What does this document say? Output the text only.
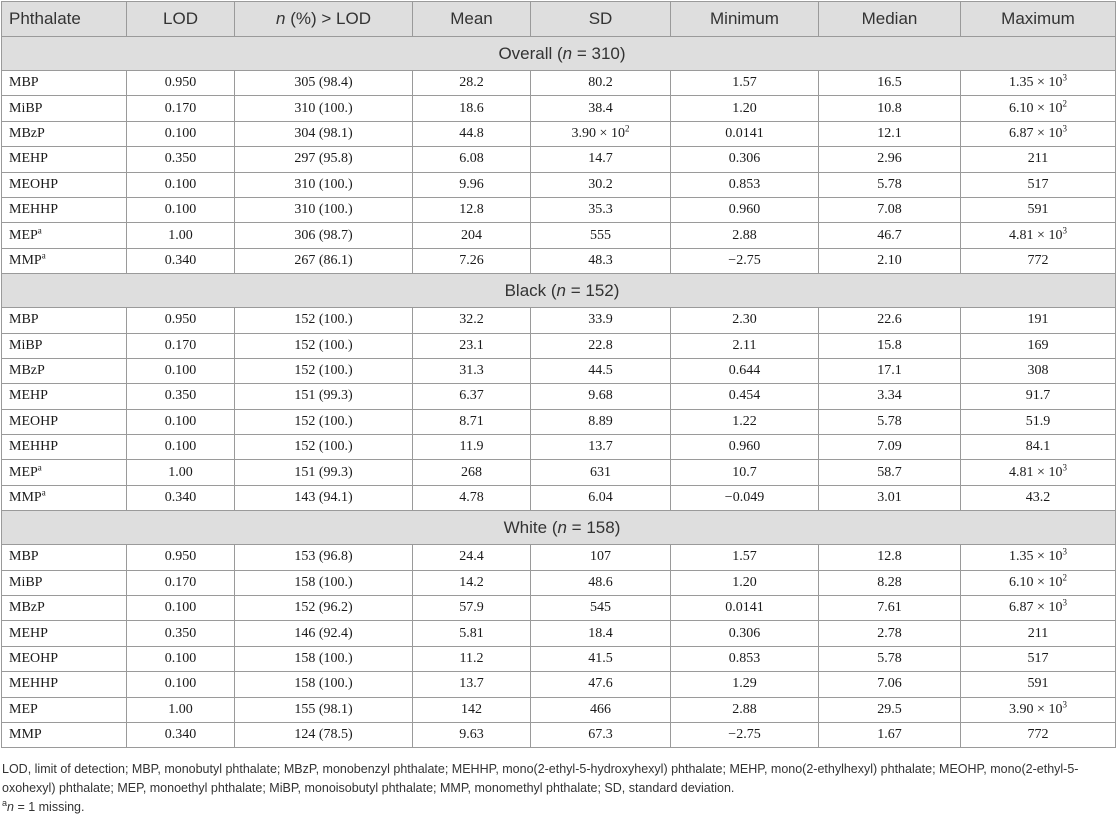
Phthalate	LOD	n (%) > LOD	Mean	SD	Minimum	Median	Maximum
Overall (n = 310)							
MBP	0.950	305 (98.4)	28.2	80.2	1.57	16.5	$1.35 \times 10^3$
MiBP	0.170	310 (100.)	18.6	38.4	1.20	10.8	$6.10 \times 10^2$
MBzP	0.100	304 (98.1)	44.8	$3.90 \times 10^2$	0.0141	12.1	$6.87 \times 10^3$
MEHP	0.350	297 (95.8)	6.08	14.7	0.306	2.96	211
MEOHP	0.100	310 (100.)	9.96	30.2	0.853	5.78	517
MEHHP	0.100	310 (100.)	12.8	35.3	0.960	7.08	591
MEP$^a$	1.00	306 (98.7)	204	555	2.88	46.7	$4.81 \times 10^3$
MMP$^a$	0.340	267 (86.1)	7.26	48.3	−2.75	2.10	772
Black (n = 152)							
MBP	0.950	152 (100.)	32.2	33.9	2.30	22.6	191
MiBP	0.170	152 (100.)	23.1	22.8	2.11	15.8	169
MBzP	0.100	152 (100.)	31.3	44.5	0.644	17.1	308
MEHP	0.350	151 (99.3)	6.37	9.68	0.454	3.34	91.7
MEOHP	0.100	152 (100.)	8.71	8.89	1.22	5.78	51.9
MEHHP	0.100	152 (100.)	11.9	13.7	0.960	7.09	84.1
MEP$^a$	1.00	151 (99.3)	268	631	10.7	58.7	$4.81 \times 10^3$
MMP$^a$	0.340	143 (94.1)	4.78	6.04	−0.049	3.01	43.2
White (n = 158)							
MBP	0.950	153 (96.8)	24.4	107	1.57	12.8	$1.35 \times 10^3$
MiBP	0.170	158 (100.)	14.2	48.6	1.20	8.28	$6.10 \times 10^2$
MBzP	0.100	152 (96.2)	57.9	545	0.0141	7.61	$6.87 \times 10^3$
MEHP	0.350	146 (92.4)	5.81	18.4	0.306	2.78	211
MEOHP	0.100	158 (100.)	11.2	41.5	0.853	5.78	517
MEHHP	0.100	158 (100.)	13.7	47.6	1.29	7.06	591
MEP	1.00	155 (98.1)	142	466	2.88	29.5	$3.90 \times 10^3$
MMP	0.340	124 (78.5)	9.63	67.3	−2.75	1.67	772
LOD, limit of detection; MBP, monobutyl phthalate; MBzP, monobenzyl phthalate; MEHHP, mono(2-ethyl-5-hydroxyhexyl) phthalate; MEHP, mono(2-ethylhexyl) phthalate; MEOHP, mono(2-ethyl-5-oxohexyl) phthalate; MEP, monoethyl phthalate; MiBP, monoisobutyl phthalate; MMP, monomethyl phthalate; SD, standard deviation.
$^a$n = 1 missing.
